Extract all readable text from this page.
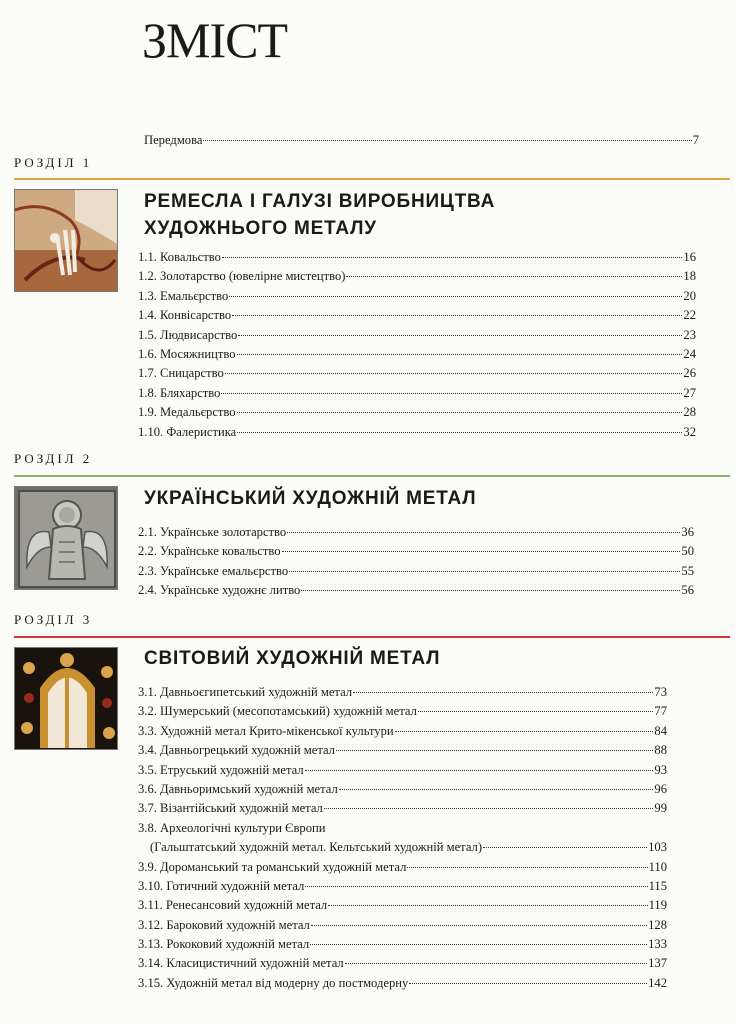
ЗМІСТ
Передмова	7
РОЗДІЛ 1
РЕМЕСЛА І ГАЛУЗІ ВИРОБНИЦТВА
ХУДОЖНЬОГО МЕТАЛУ
1.1. Ковальство	16
1.2. Золотарство (ювелірне мистецтво)	18
1.3. Емальєрство	20
1.4. Конвісарство	22
1.5. Людвисарство	23
1.6. Мосяжництво	24
1.7. Сницарство	26
1.8. Бляхарство	27
1.9. Медальєрство	28
1.10. Фалеристика	32
РОЗДІЛ 2
УКРАЇНСЬКИЙ ХУДОЖНІЙ МЕТАЛ
2.1. Українське золотарство	36
2.2. Українське ковальство	50
2.3. Українське емальєрство	55
2.4. Українське художнє литво	56
РОЗДІЛ 3
СВІТОВИЙ ХУДОЖНІЙ МЕТАЛ
3.1. Давньоєгипетський художній метал	73
3.2. Шумерський (месопотамський) художній метал	77
3.3. Художній метал Крито-мікенської культури	84
3.4. Давньогрецький художній метал	88
3.5. Етруський художній метал	93
3.6. Давньоримський художній метал	96
3.7. Візантійський художній метал	99
3.8. Археологічні культури Європи
(Гальштатський художній метал. Кельтський художній метал)	103
3.9. Дороманський та романський художній метал	110
3.10. Готичний художній метал	115
3.11. Ренесансовий художній метал	119
3.12. Бароковий художній метал	128
3.13. Рококовий художній метал	133
3.14. Класицистичний художній метал	137
3.15. Художній метал від модерну до постмодерну	142
